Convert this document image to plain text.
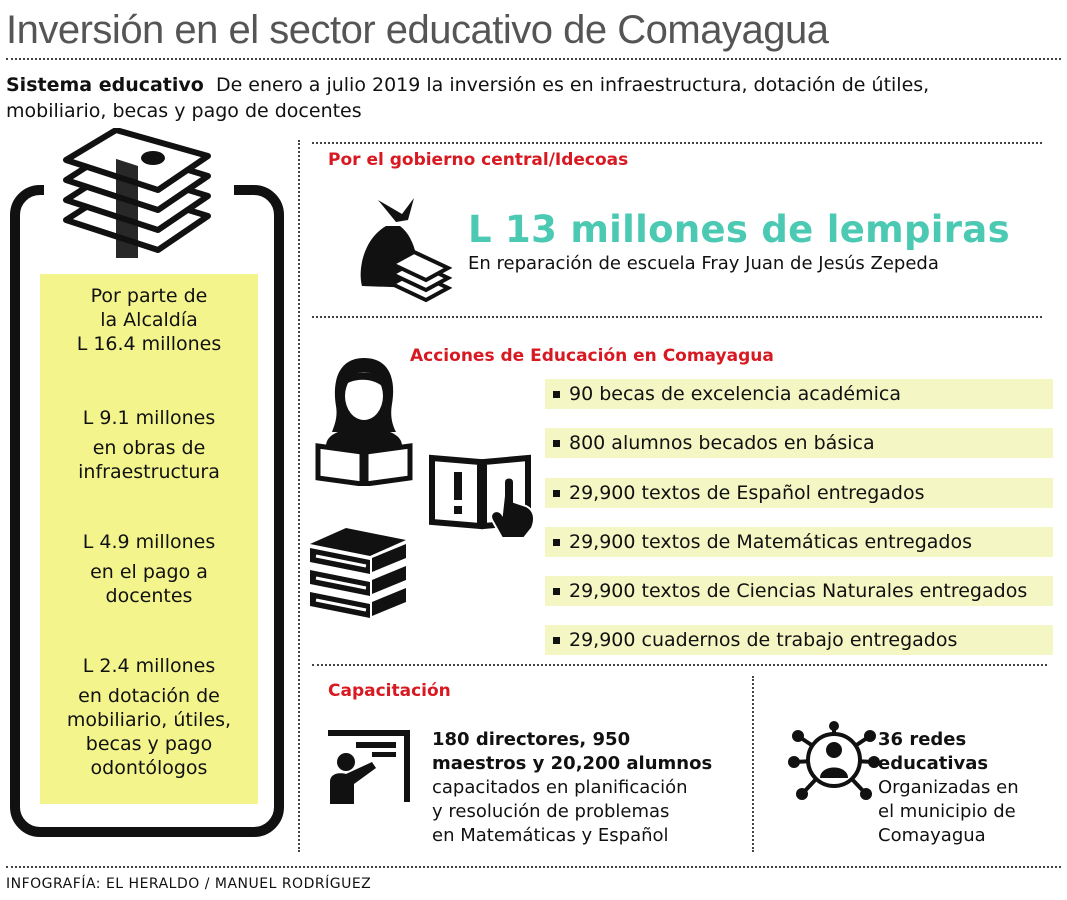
Inversión en el sector educativo de Comayagua
Sistema educativo De enero a julio 2019 la inversión es en infraestructura, dotación de útiles,
mobiliario, becas y pago de docentes
Por parte de
la Alcaldía
L 16.4 millones
L 9.1 millones
en obras de
infraestructura
L 4.9 millones
en el pago a
docentes
L 2.4 millones
en dotación de
mobiliario, útiles,
becas y pago
odontólogos
Por el gobierno central/Idecoas
L 13 millones de lempiras
En reparación de escuela Fray Juan de Jesús Zepeda
Acciones de Educación en Comayagua
90 becas de excelencia académica
800 alumnos becados en básica
29,900 textos de Español entregados
29,900 textos de Matemáticas entregados
29,900 textos de Ciencias Naturales entregados
29,900 cuadernos de trabajo entregados
Capacitación
180 directores, 950
maestros y 20,200 alumnos
capacitados en planificación
y resolución de problemas
en Matemáticas y Español
36 redes
educativas
Organizadas en
el municipio de
Comayagua
INFOGRAFÍA: EL HERALDO / MANUEL RODRÍGUEZ
